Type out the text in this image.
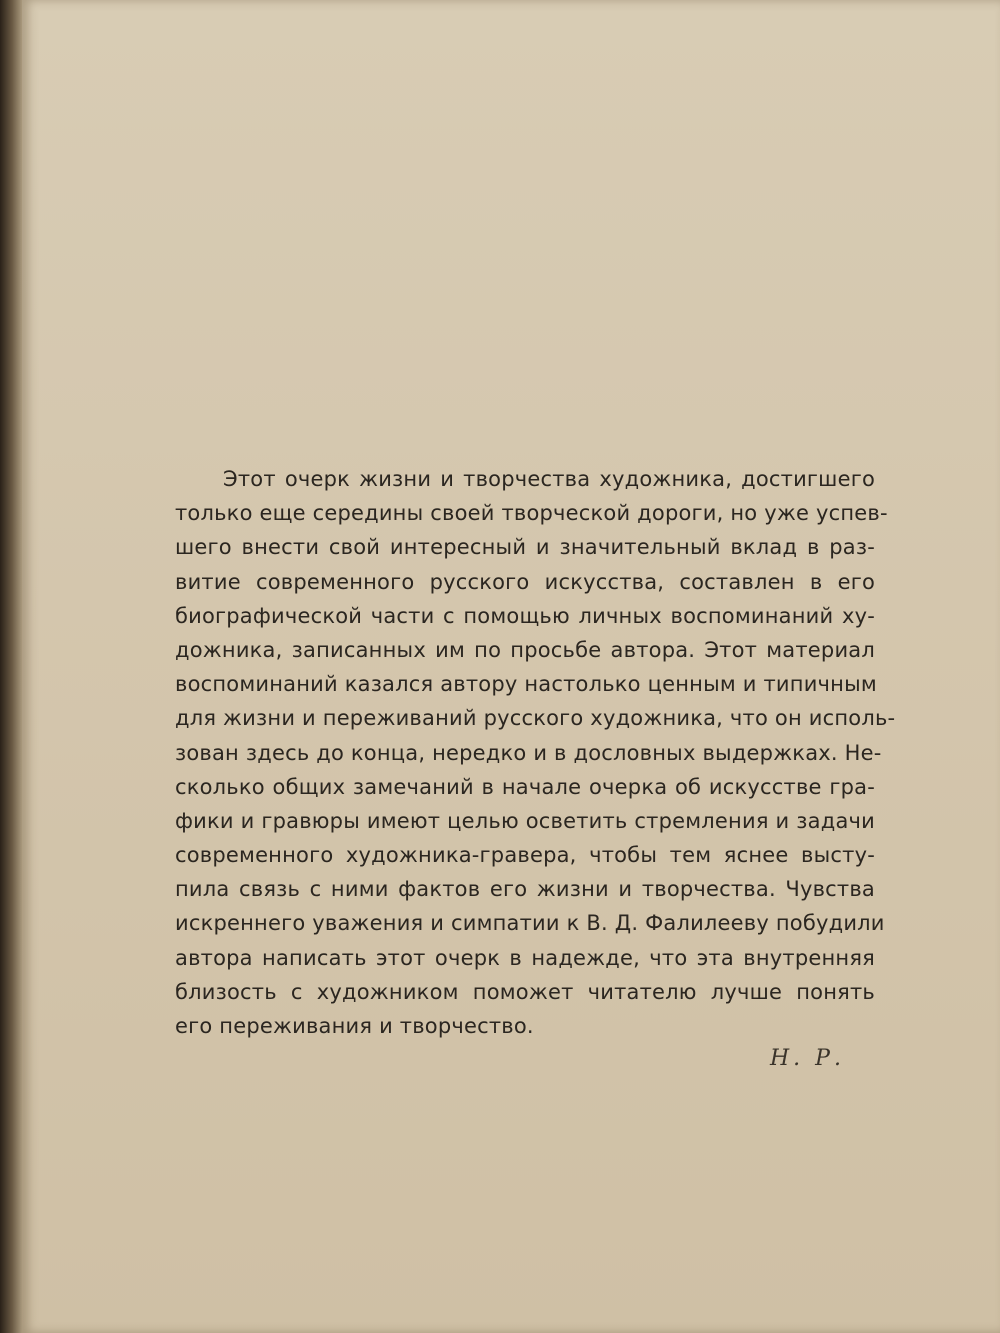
Этот очерк жизни и творчества художника, достигшего
только еще середины своей творческой дороги, но уже успев-
шего внести свой интересный и значительный вклад в раз-
витие современного русского искусства, составлен в его
биографической части с помощью личных воспоминаний ху-
дожника, записанных им по просьбе автора. Этот материал
воспоминаний казался автору настолько ценным и типичным
для жизни и переживаний русского художника, что он исполь-
зован здесь до конца, нередко и в дословных выдержках. Не-
сколько общих замечаний в начале очерка об искусстве гра-
фики и гравюры имеют целью осветить стремления и задачи
современного художника-гравера, чтобы тем яснее высту-
пила связь с ними фактов его жизни и творчества. Чувства
искреннего уважения и симпатии к В. Д. Фалилееву побудили
автора написать этот очерк в надежде, что эта внутренняя
близость с художником поможет читателю лучше понять
его переживания и творчество.
Н. Р.
